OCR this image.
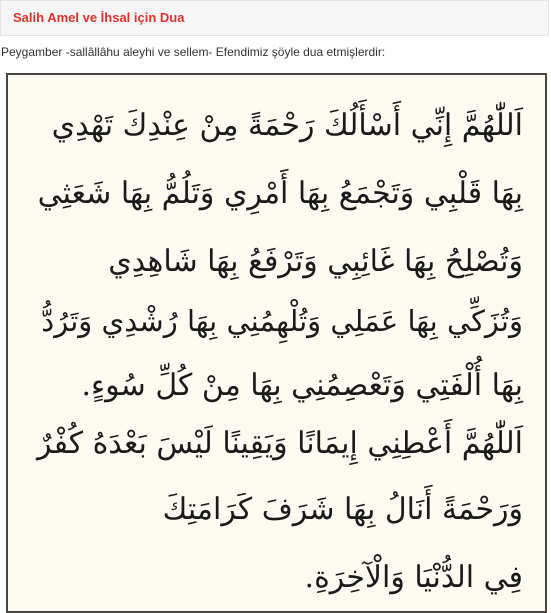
Salih Amel ve İhsal için Dua
Peygamber -sallâllâhu aleyhi ve sellem- Efendimiz şöyle dua etmişlerdir:
اَللّٰهُمَّ إِنِّي أَسْأَلُكَ رَحْمَةً مِنْ عِنْدِكَ تَهْدِي
بِهَا قَلْبِي وَتَجْمَعُ بِهَا أَمْرِي وَتَلُمُّ بِهَا شَعَثِي
وَتُصْلِحُ بِهَا غَائِبِي وَتَرْفَعُ بِهَا شَاهِدِي
وَتُزَكِّي بِهَا عَمَلِي وَتُلْهِمُنِي بِهَا رُشْدِي وَتَرُدُّ
بِهَا أُلْفَتِي وَتَعْصِمُنِي بِهَا مِنْ كُلِّ سُوءٍ.
اَللّٰهُمَّ أَعْطِنِي إِيمَانًا وَيَقِينًا لَيْسَ بَعْدَهُ كُفْرٌ
وَرَحْمَةً أَنَالُ بِهَا شَرَفَ كَرَامَتِكَ
فِي الدُّنْيَا وَالْآخِرَةِ.
